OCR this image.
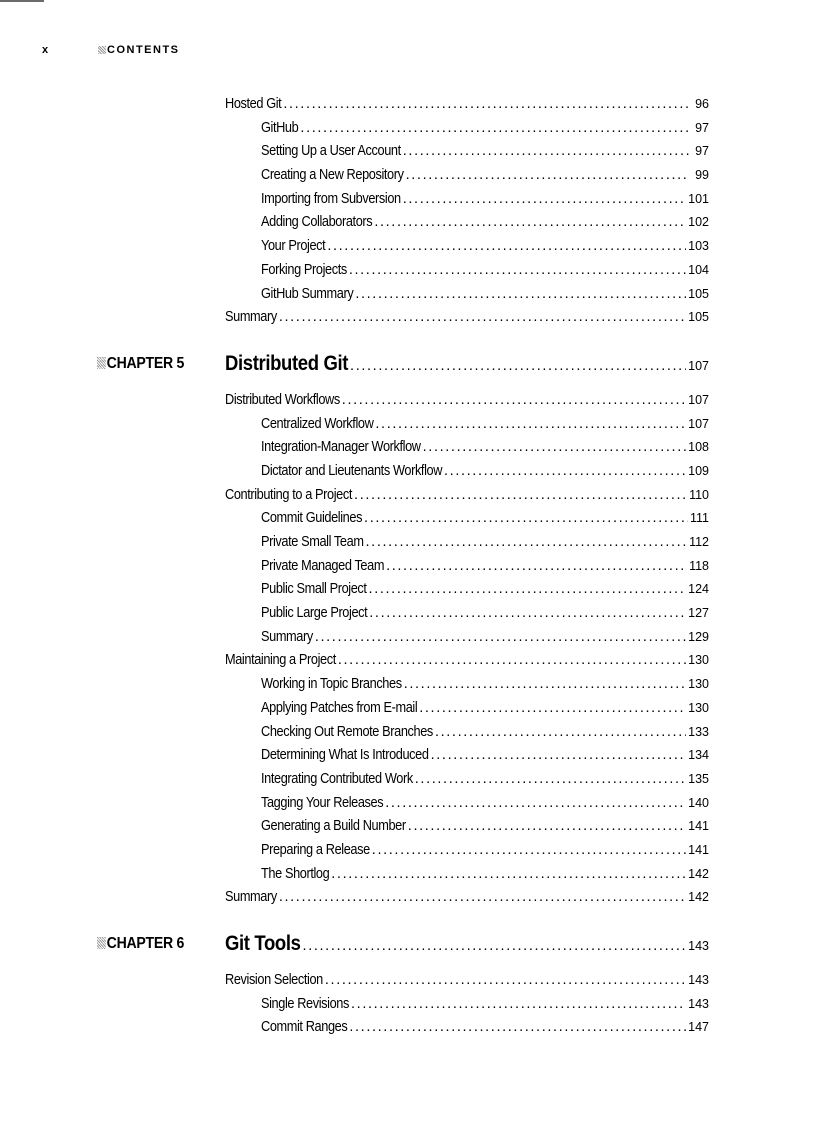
x	CONTENTS
Hosted Git . . .	96
GitHub . . .	97
Setting Up a User Account . . .	97
Creating a New Repository . . .	99
Importing from Subversion . . .	101
Adding Collaborators . . .	102
Your Project . . .	103
Forking Projects . . .	104
GitHub Summary . . .	105
Summary . . .	105
CHAPTER 5 Distributed Git . . .	107
Distributed Workflows . . .	107
Centralized Workflow . . .	107
Integration-Manager Workflow . . .	108
Dictator and Lieutenants Workflow . . .	109
Contributing to a Project . . .	110
Commit Guidelines . . .	111
Private Small Team . . .	112
Private Managed Team . . .	118
Public Small Project . . .	124
Public Large Project . . .	127
Summary . . .	129
Maintaining a Project . . .	130
Working in Topic Branches . . .	130
Applying Patches from E-mail . . .	130
Checking Out Remote Branches . . .	133
Determining What Is Introduced . . .	134
Integrating Contributed Work . . .	135
Tagging Your Releases . . .	140
Generating a Build Number . . .	141
Preparing a Release . . .	141
The Shortlog . . .	142
Summary . . .	142
CHAPTER 6 Git Tools . . .	143
Revision Selection . . .	143
Single Revisions . . .	143
Commit Ranges . . .	147
